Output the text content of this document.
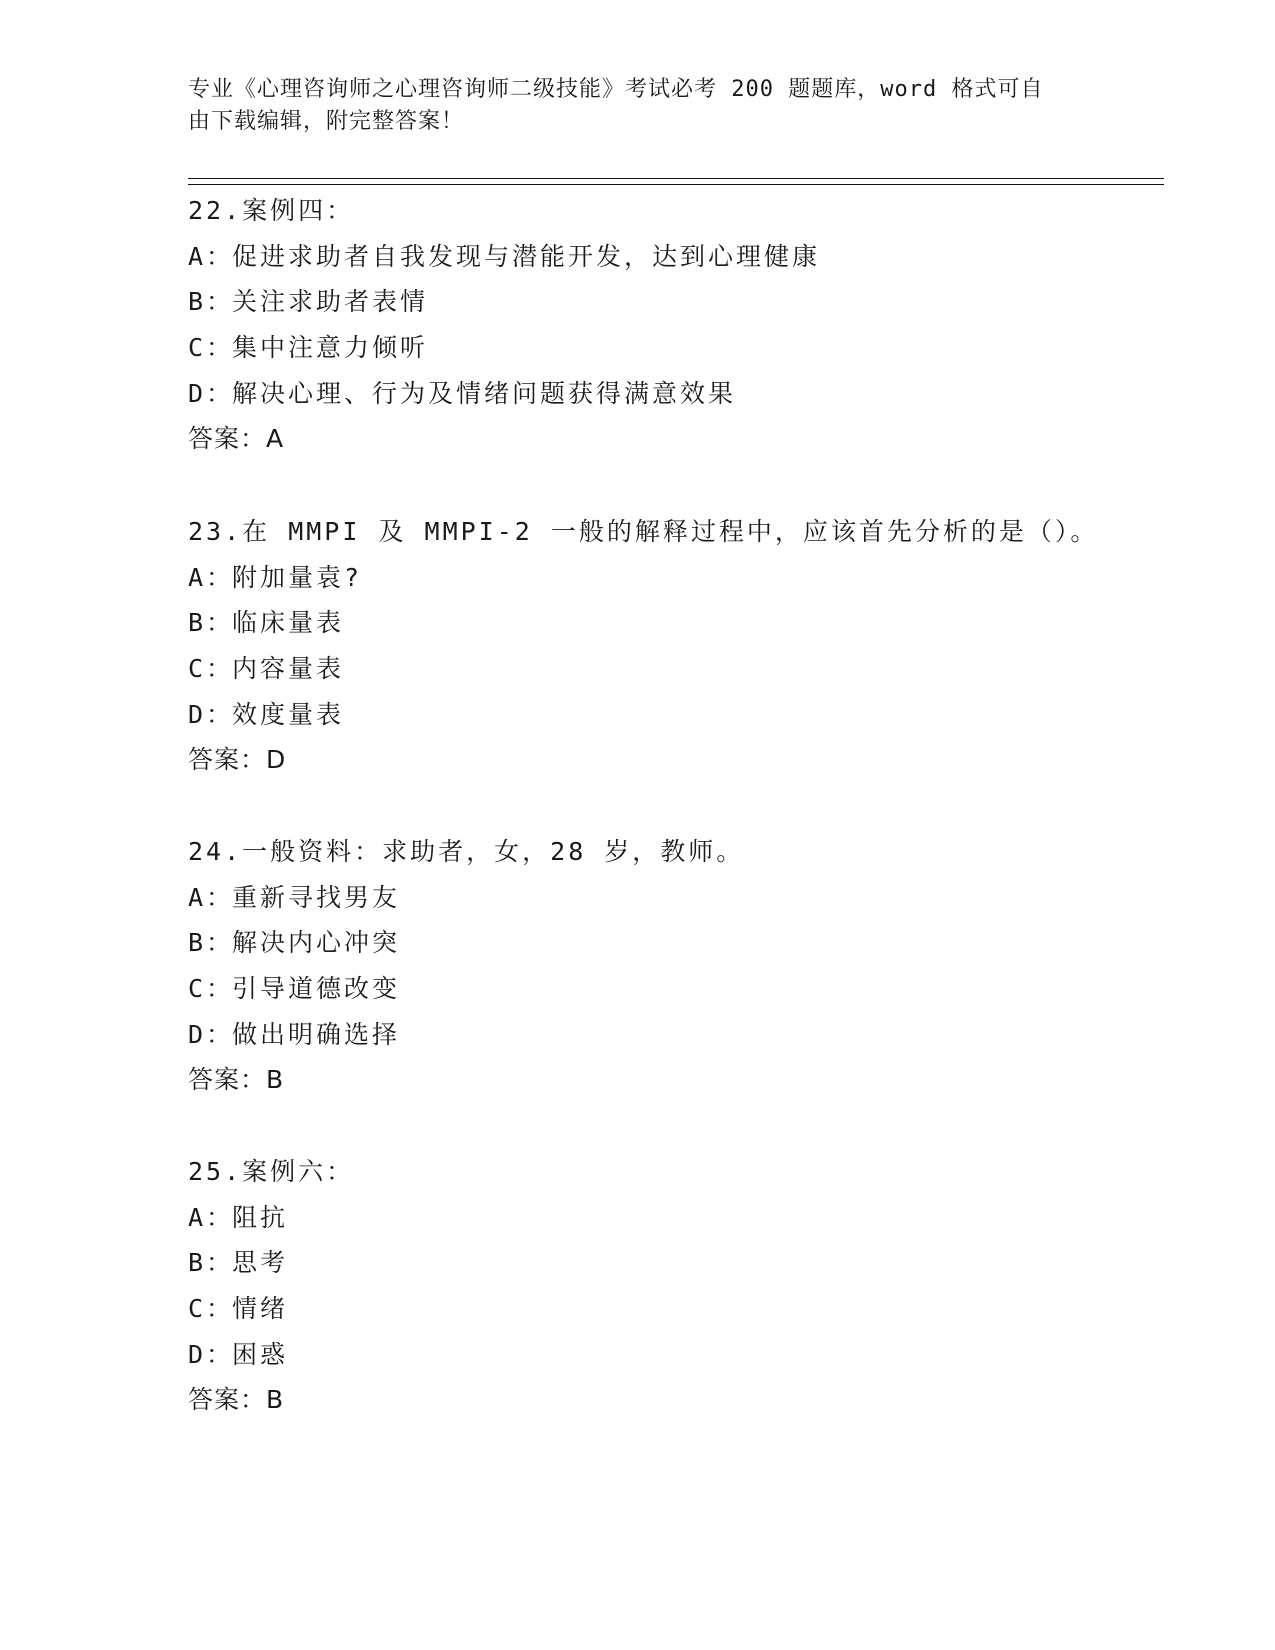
专业《心理咨询师之心理咨询师二级技能》考试必考 200 题题库，word 格式可自
由下载编辑，附完整答案！
22.案例四：
A：促进求助者自我发现与潜能开发，达到心理健康
B：关注求助者表情
C：集中注意力倾听
D：解决心理、行为及情绪问题获得满意效果
答案：A
23.在 MMPI 及 MMPI-2 一般的解释过程中，应该首先分析的是（）。
A：附加量袁?
B：临床量表
C：内容量表
D：效度量表
答案：D
24.一般资料：求助者，女，28 岁，教师。
A：重新寻找男友
B：解决内心冲突
C：引导道德改变
D：做出明确选择
答案：B
25.案例六：
A：阻抗
B：思考
C：情绪
D：困惑
答案：B
